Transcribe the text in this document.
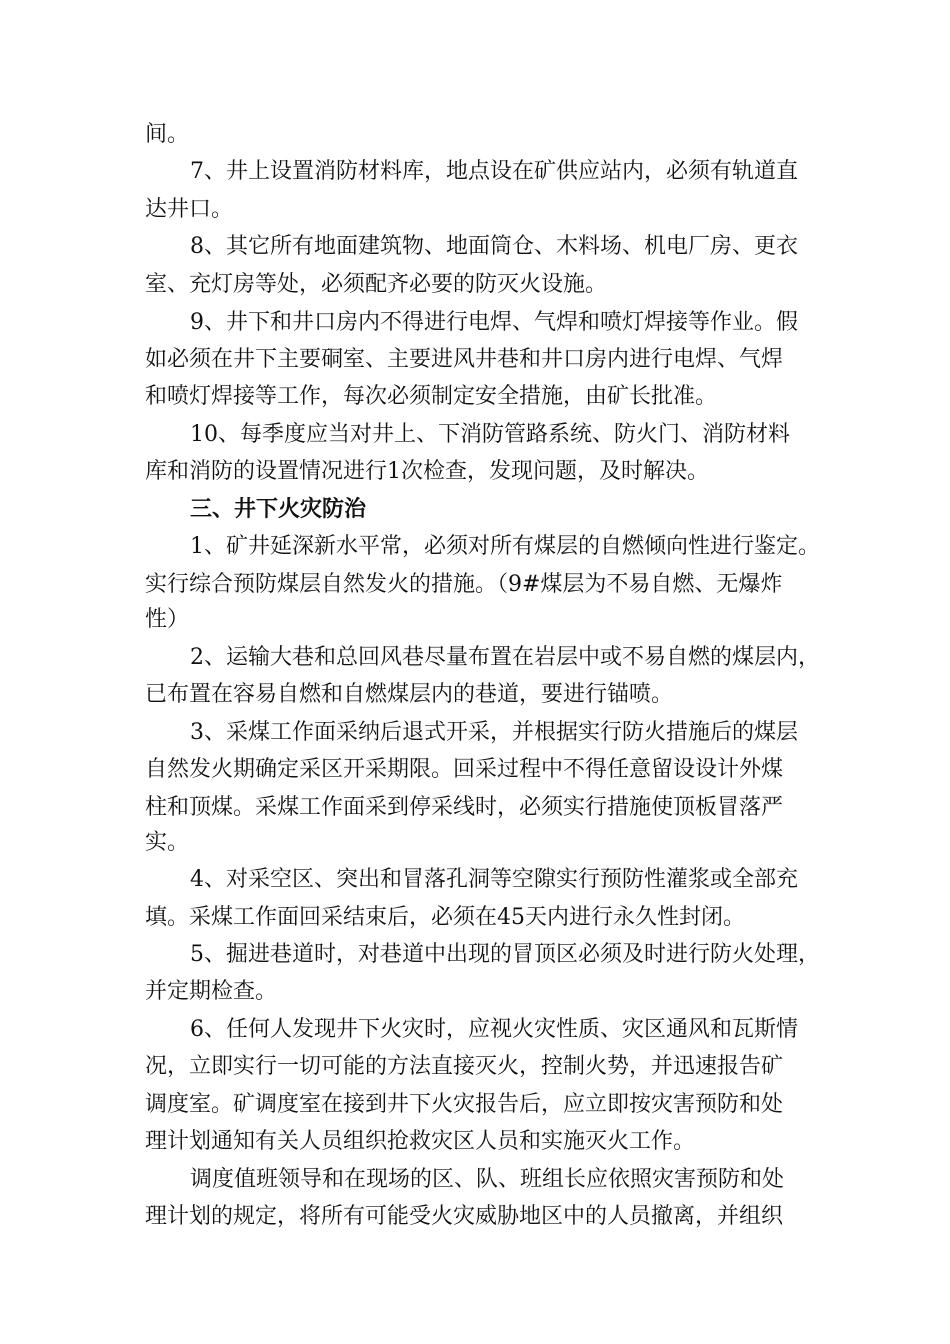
间。
7、井上设置消防材料库，地点设在矿供应站内，必须有轨道直
达井口。
8、其它所有地面建筑物、地面筒仓、木料场、机电厂房、更衣
室、充灯房等处，必须配齐必要的防灭火设施。
9、井下和井口房内不得进行电焊、气焊和喷灯焊接等作业。假
如必须在井下主要硐室、主要进风井巷和井口房内进行电焊、气焊
和喷灯焊接等工作，每次必须制定安全措施，由矿长批准。
10、每季度应当对井上、下消防管路系统、防火门、消防材料
库和消防的设置情况进行1次检查，发现问题，及时解决。
三、井下火灾防治
1、矿井延深新水平常，必须对所有煤层的自燃倾向性进行鉴定。
实行综合预防煤层自然发火的措施。（9#煤层为不易自燃、无爆炸
性）
2、运输大巷和总回风巷尽量布置在岩层中或不易自燃的煤层内，
已布置在容易自燃和自燃煤层内的巷道，要进行锚喷。
3、采煤工作面采纳后退式开采，并根据实行防火措施后的煤层
自然发火期确定采区开采期限。回采过程中不得任意留设设计外煤
柱和顶煤。采煤工作面采到停采线时，必须实行措施使顶板冒落严
实。
4、对采空区、突出和冒落孔洞等空隙实行预防性灌浆或全部充
填。采煤工作面回采结束后，必须在45天内进行永久性封闭。
5、掘进巷道时，对巷道中出现的冒顶区必须及时进行防火处理，
并定期检查。
6、任何人发现井下火灾时，应视火灾性质、灾区通风和瓦斯情
况，立即实行一切可能的方法直接灭火，控制火势，并迅速报告矿
调度室。矿调度室在接到井下火灾报告后，应立即按灾害预防和处
理计划通知有关人员组织抢救灾区人员和实施灭火工作。
调度值班领导和在现场的区、队、班组长应依照灾害预防和处
理计划的规定，将所有可能受火灾威胁地区中的人员撤离，并组织
